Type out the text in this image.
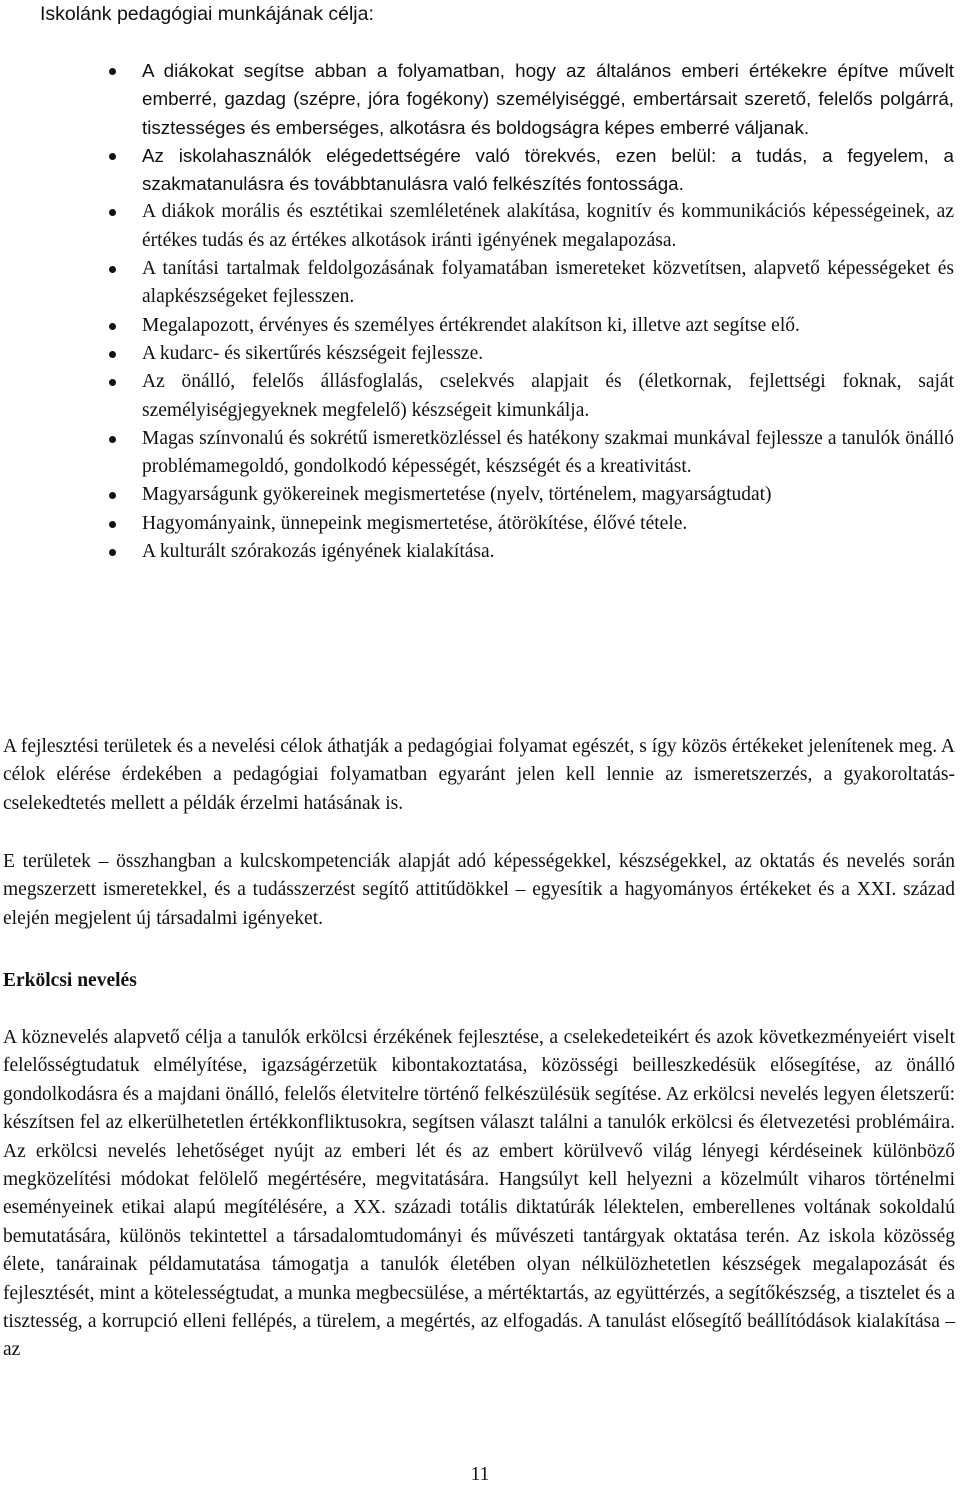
Iskolánk pedagógiai munkájának célja:

A diákokat segítse abban a folyamatban, hogy az általános emberi értékekre építve művelt emberré, gazdag (szépre, jóra fogékony) személyiséggé, embertársait szerető, felelős polgárrá, tisztességes és emberséges, alkotásra és boldogságra képes emberré váljanak.
Az iskolahasználók elégedettségére való törekvés, ezen belül: a tudás, a fegyelem, a szakmatanulásra és továbbtanulásra való felkészítés fontossága.
A diákok morális és esztétikai szemléletének alakítása, kognitív és kommunikációs képességeinek, az értékes tudás és az értékes alkotások iránti igényének megalapozása.
A tanítási tartalmak feldolgozásának folyamatában ismereteket közvetítsen, alapvető képességeket és alapkészségeket fejlesszen.
Megalapozott, érvényes és személyes értékrendet alakítson ki, illetve azt segítse elő.
A kudarc- és sikertűrés készségeit fejlessze.
Az önálló, felelős állásfoglalás, cselekvés alapjait és (életkornak, fejlettségi foknak, saját személyiségjegyeknek megfelelő) készségeit kimunkálja.
Magas színvonalú és sokrétű ismeretközléssel és hatékony szakmai munkával fejlessze a tanulók önálló problémamegoldó, gondolkodó képességét, készségét és a kreativitást.
Magyarságunk gyökereinek megismertetése (nyelv, történelem, magyarságtudat)
Hagyományaink, ünnepeink megismertetése, átörökítése, élővé tétele.
A kulturált szórakozás igényének kialakítása.

A fejlesztési területek és a nevelési célok áthatják a pedagógiai folyamat egészét, s így közös értékeket jelenítenek meg. A célok elérése érdekében a pedagógiai folyamatban egyaránt jelen kell lennie az ismeretszerzés, a gyakoroltatás-cselekedtetés mellett a példák érzelmi hatásának is.

E területek – összhangban a kulcskompetenciák alapját adó képességekkel, készségekkel, az oktatás és nevelés során megszerzett ismeretekkel, és a tudásszerzést segítő attitűdökkel – egyesítik a hagyományos értékeket és a XXI. század elején megjelent új társadalmi igényeket.

Erkölcsi nevelés

A köznevelés alapvető célja a tanulók erkölcsi érzékének fejlesztése, a cselekedeteikért és azok következményeiért viselt felelősségtudatuk elmélyítése, igazságérzetük kibontakoztatása, közösségi beilleszkedésük elősegítése, az önálló gondolkodásra és a majdani önálló, felelős életvitelre történő felkészülésük segítése. Az erkölcsi nevelés legyen életszerű: készítsen fel az elkerülhetetlen értékkonfliktusokra, segítsen választ találni a tanulók erkölcsi és életvezetési problémáira. Az erkölcsi nevelés lehetőséget nyújt az emberi lét és az embert körülvevő világ lényegi kérdéseinek különböző megközelítési módokat felölelő megértésére, megvitatására. Hangsúlyt kell helyezni a közelmúlt viharos történelmi eseményeinek etikai alapú megítélésére, a XX. századi totális diktatúrák lélektelen, emberellenes voltának sokoldalú bemutatására, különös tekintettel a társadalomtudományi és művészeti tantárgyak oktatása terén. Az iskola közösség élete, tanárainak példamutatása támogatja a tanulók életében olyan nélkülözhetetlen készségek megalapozását és fejlesztését, mint a kötelességtudat, a munka megbecsülése, a mértéktartás, az együttérzés, a segítőkészség, a tisztelet és a tisztesség, a korrupció elleni fellépés, a türelem, a megértés, az elfogadás. A tanulást elősegítő beállítódások kialakítása – az

11
